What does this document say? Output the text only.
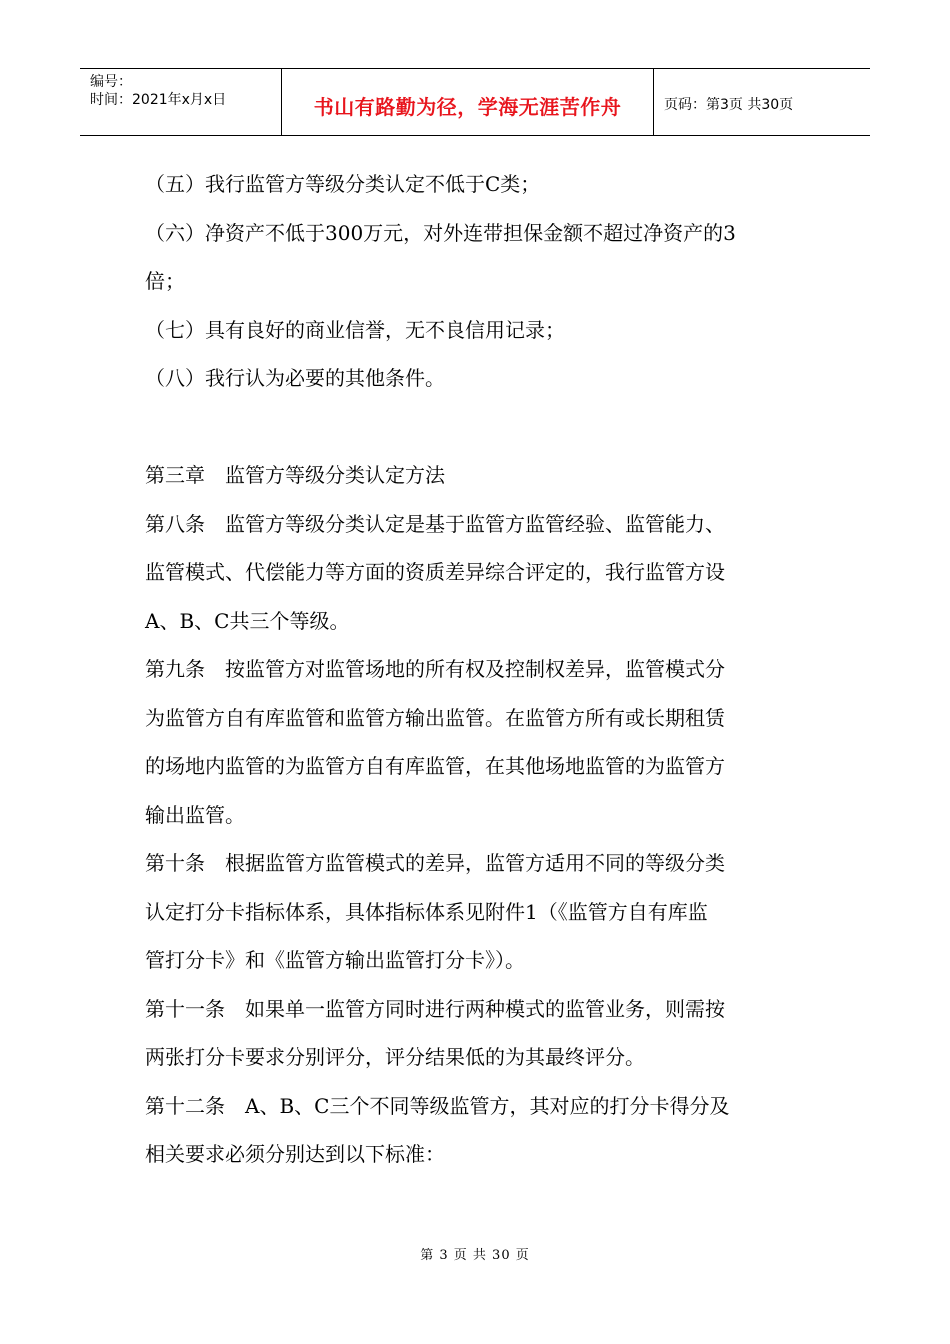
编号：
时间：2021年x月x日	书山有路勤为径，学海无涯苦作舟	页码：第3页 共30页
（五）我行监管方等级分类认定不低于C类；
（六）净资产不低于300万元，对外连带担保金额不超过净资产的3
倍；
（七）具有良好的商业信誉，无不良信用记录；
（八）我行认为必要的其他条件。
第三章　监管方等级分类认定方法
第八条　监管方等级分类认定是基于监管方监管经验、监管能力、
监管模式、代偿能力等方面的资质差异综合评定的，我行监管方设
A、B、C共三个等级。
第九条　按监管方对监管场地的所有权及控制权差异，监管模式分
为监管方自有库监管和监管方输出监管。在监管方所有或长期租赁
的场地内监管的为监管方自有库监管，在其他场地监管的为监管方
输出监管。
第十条　根据监管方监管模式的差异，监管方适用不同的等级分类
认定打分卡指标体系，具体指标体系见附件1（《监管方自有库监
管打分卡》和《监管方输出监管打分卡》）。
第十一条　如果单一监管方同时进行两种模式的监管业务，则需按
两张打分卡要求分别评分，评分结果低的为其最终评分。
第十二条　A、B、C三个不同等级监管方，其对应的打分卡得分及
相关要求必须分别达到以下标准：
第 3 页 共 30 页
